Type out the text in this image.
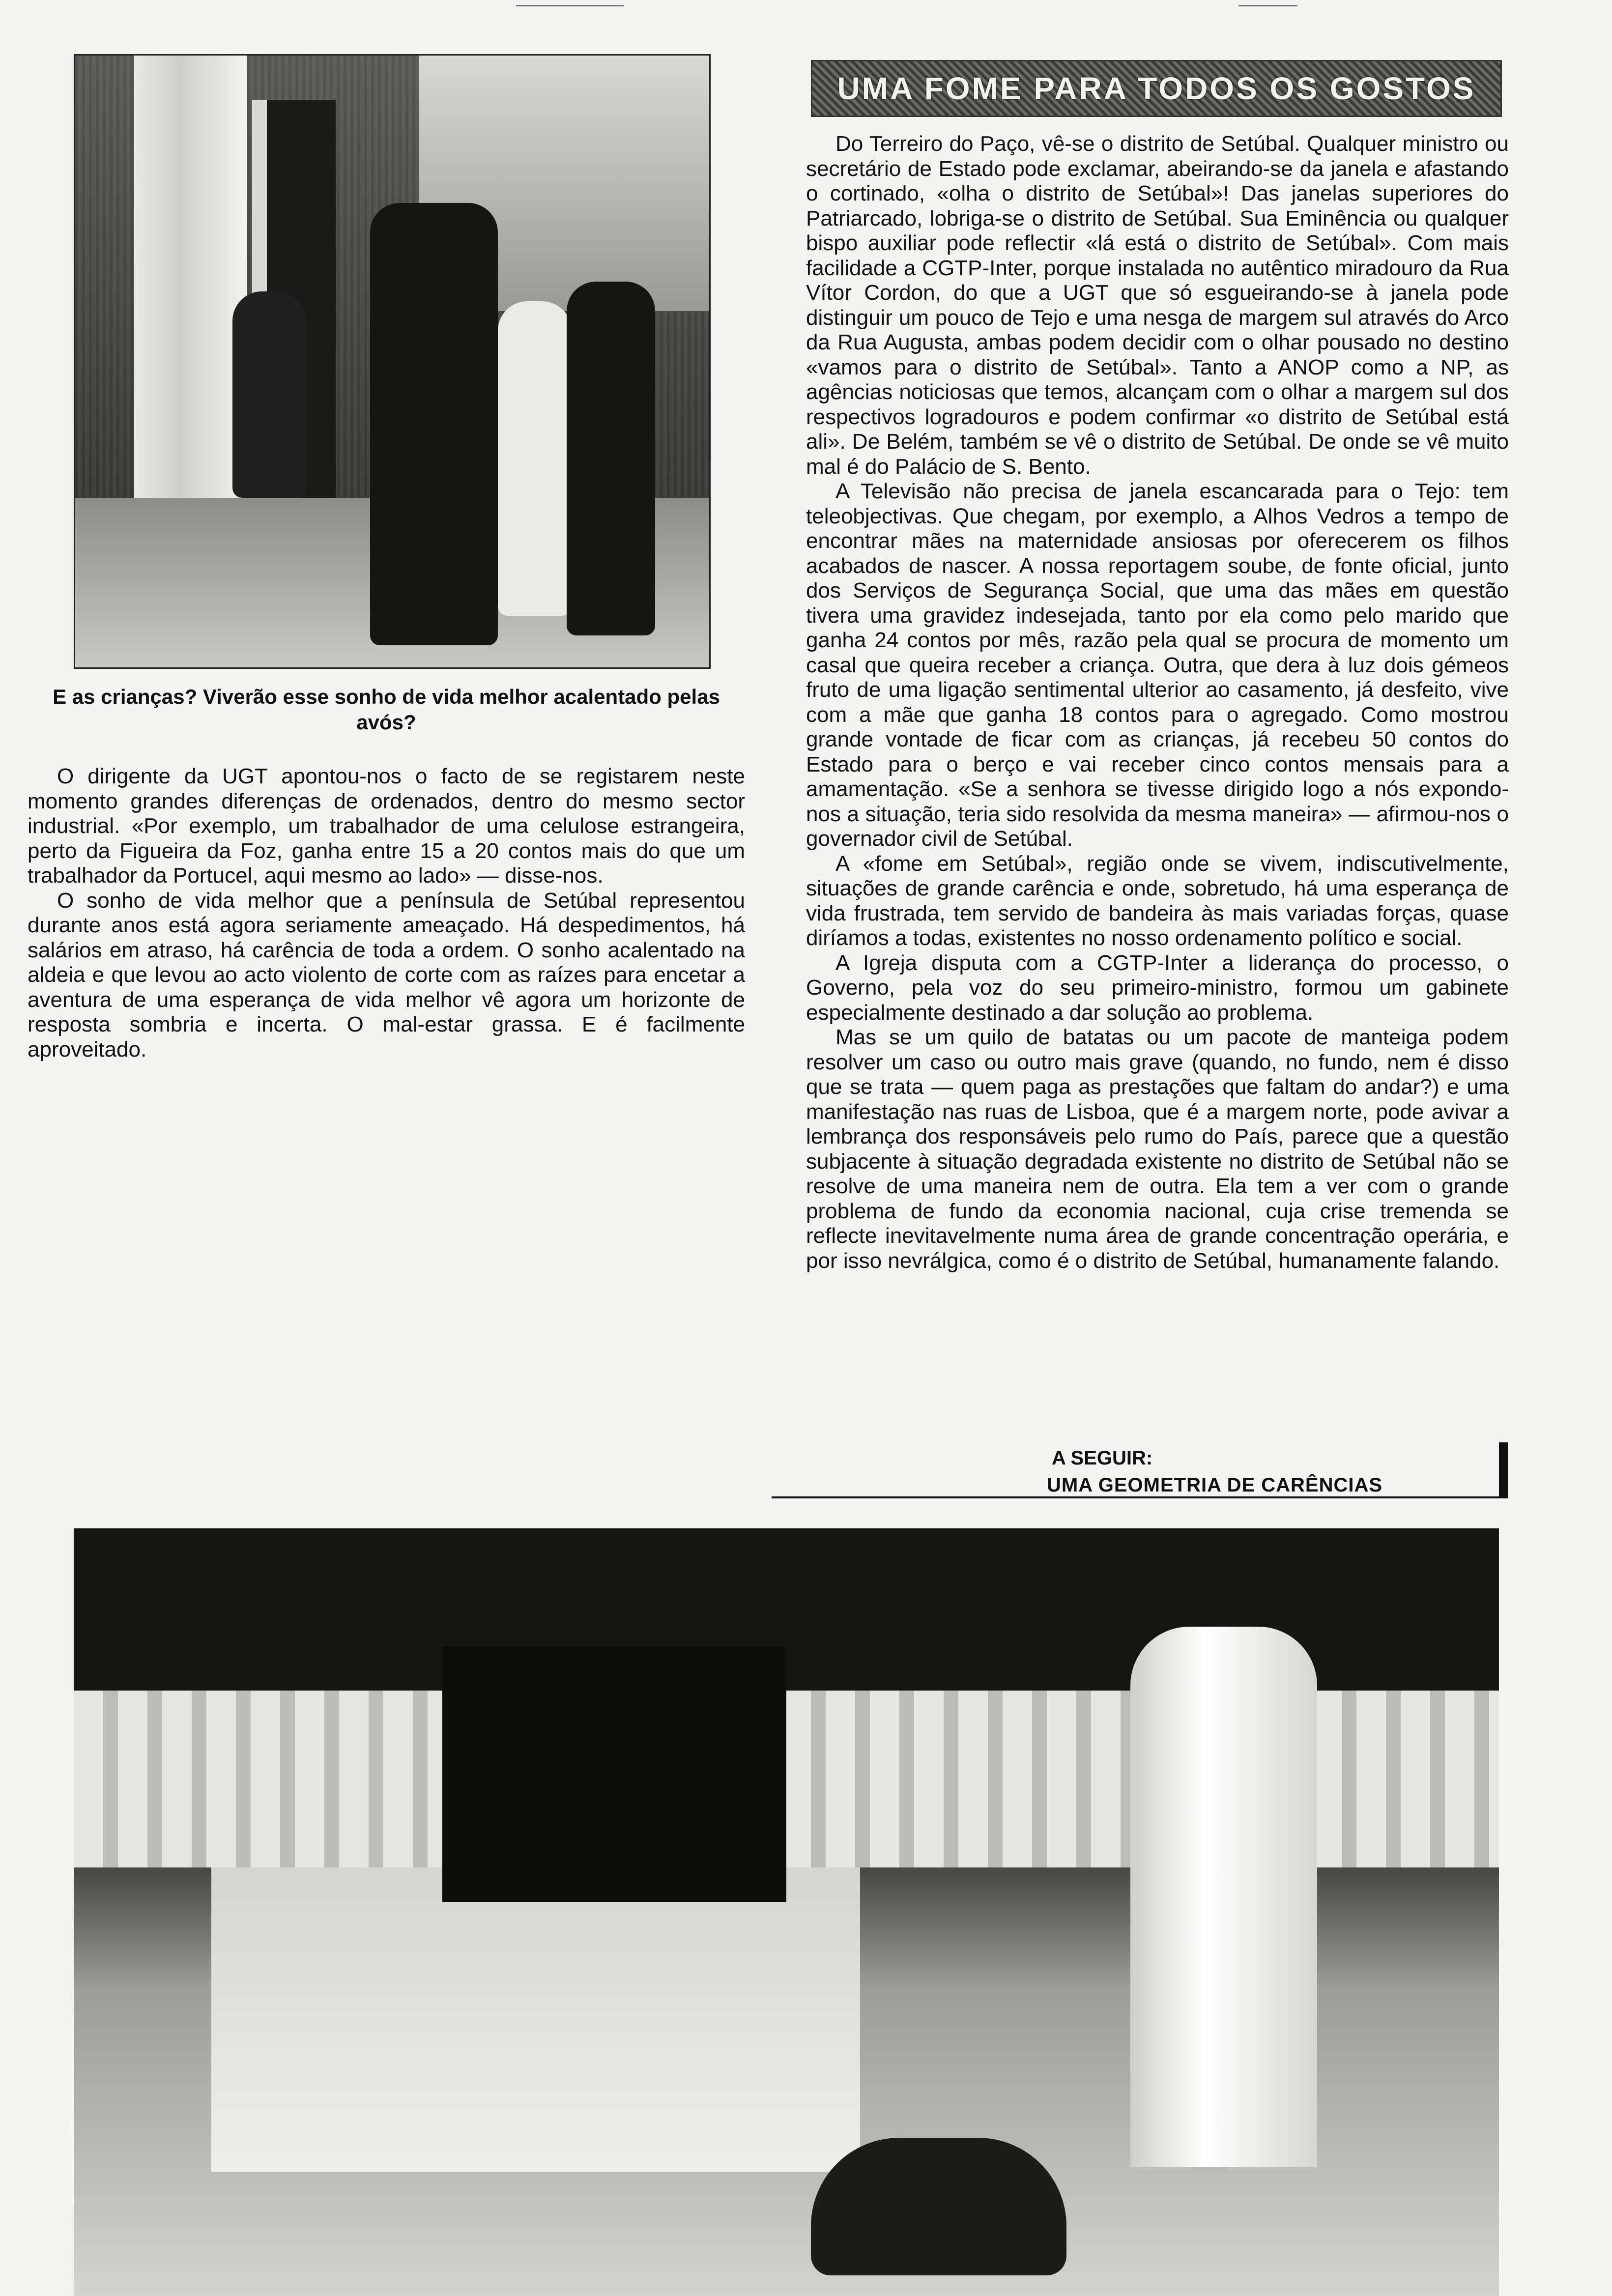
E as crianças? Viverão esse sonho de vida melhor acalentado pelas avós?

O dirigente da UGT apontou-nos o facto de se registarem neste momento grandes diferenças de ordenados, dentro do mesmo sector industrial. «Por exemplo, um trabalhador de uma celulose estrangeira, perto da Figueira da Foz, ganha entre 15 a 20 contos mais do que um trabalhador da Portucel, aqui mesmo ao lado» — disse-nos.

O sonho de vida melhor que a península de Setúbal representou durante anos está agora seriamente ameaçado. Há despedimentos, há salários em atraso, há carência de toda a ordem. O sonho acalentado na aldeia e que levou ao acto violento de corte com as raízes para encetar a aventura de uma esperança de vida melhor vê agora um horizonte de resposta sombria e incerta. O mal-estar grassa. E é facilmente aproveitado.

UMA FOME PARA TODOS OS GOSTOS

Do Terreiro do Paço, vê-se o distrito de Setúbal. Qualquer ministro ou secretário de Estado pode exclamar, abeirando-se da janela e afastando o cortinado, «olha o distrito de Setúbal»! Das janelas superiores do Patriarcado, lobriga-se o distrito de Setúbal. Sua Eminência ou qualquer bispo auxiliar pode reflectir «lá está o distrito de Setúbal». Com mais facilidade a CGTP-Inter, porque instalada no autêntico miradouro da Rua Vítor Cordon, do que a UGT que só esgueirando-se à janela pode distinguir um pouco de Tejo e uma nesga de margem sul através do Arco da Rua Augusta, ambas podem decidir com o olhar pousado no destino «vamos para o distrito de Setúbal». Tanto a ANOP como a NP, as agências noticiosas que temos, alcançam com o olhar a margem sul dos respectivos logradouros e podem confirmar «o distrito de Setúbal está ali». De Belém, também se vê o distrito de Setúbal. De onde se vê muito mal é do Palácio de S. Bento.

A Televisão não precisa de janela escancarada para o Tejo: tem teleobjectivas. Que chegam, por exemplo, a Alhos Vedros a tempo de encontrar mães na maternidade ansiosas por oferecerem os filhos acabados de nascer. A nossa reportagem soube, de fonte oficial, junto dos Serviços de Segurança Social, que uma das mães em questão tivera uma gravidez indesejada, tanto por ela como pelo marido que ganha 24 contos por mês, razão pela qual se procura de momento um casal que queira receber a criança. Outra, que dera à luz dois gémeos fruto de uma ligação sentimental ulterior ao casamento, já desfeito, vive com a mãe que ganha 18 contos para o agregado. Como mostrou grande vontade de ficar com as crianças, já recebeu 50 contos do Estado para o berço e vai receber cinco contos mensais para a amamentação. «Se a senhora se tivesse dirigido logo a nós expondo-nos a situação, teria sido resolvida da mesma maneira» — afirmou-nos o governador civil de Setúbal.

A «fome em Setúbal», região onde se vivem, indiscutivelmente, situações de grande carência e onde, sobretudo, há uma esperança de vida frustrada, tem servido de bandeira às mais variadas forças, quase diríamos a todas, existentes no nosso ordenamento político e social.

A Igreja disputa com a CGTP-Inter a liderança do processo, o Governo, pela voz do seu primeiro-ministro, formou um gabinete especialmente destinado a dar solução ao problema.

Mas se um quilo de batatas ou um pacote de manteiga podem resolver um caso ou outro mais grave (quando, no fundo, nem é disso que se trata — quem paga as prestações que faltam do andar?) e uma manifestação nas ruas de Lisboa, que é a margem norte, pode avivar a lembrança dos responsáveis pelo rumo do País, parece que a questão subjacente à situação degradada existente no distrito de Setúbal não se resolve de uma maneira nem de outra. Ela tem a ver com o grande problema de fundo da economia nacional, cuja crise tremenda se reflecte inevitavelmente numa área de grande concentração operária, e por isso nevrálgica, como é o distrito de Setúbal, humanamente falando.

A SEGUIR:
UMA GEOMETRIA DE CARÊNCIAS
